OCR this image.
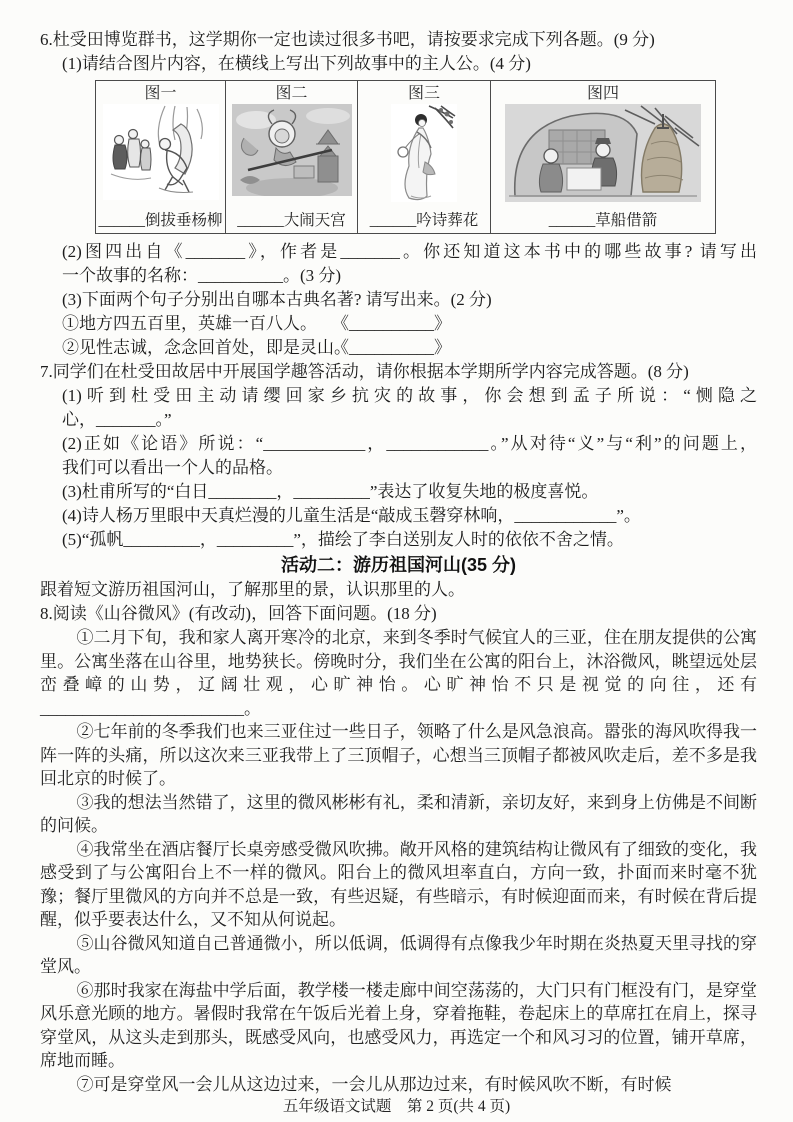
6.杜受田博览群书，这学期你一定也读过很多书吧，请按要求完成下列各题。(9 分)

(1)请结合图片内容，在横线上写出下列故事中的主人公。(4 分)

图一
______倒拔垂杨柳

图二
______大闹天宫

图三
______吟诗葬花

图四
______草船借箭

(2)图四出自《_______》，作者是_______。你还知道这本书中的哪些故事? 请写出

一个故事的名称：__________。(3 分)

(3)下面两个句子分别出自哪本古典名著? 请写出来。(2 分)

①地方四五百里，英雄一百八人。 《__________》

②见性志诚，念念回首处，即是灵山。
《__________》

7.同学们在杜受田故居中开展国学趣答活动，请你根据本学期所学内容完成答题。(8 分)

(1)听到杜受田主动请缨回家乡抗灾的故事，你会想到孟子所说：“恻隐之

心，_______。”

(2)正如《论语》所说：“____________，____________。”从对待“义”与“利”的问题上，

我们可以看出一个人的品格。

(3)杜甫所写的“白日________，_________”表达了收复失地的极度喜悦。

(4)诗人杨万里眼中天真烂漫的儿童生活是“敲成玉磬穿林响，____________”。

(5)“孤帆_________，_________”，描绘了李白送别友人时的依依不舍之情。

活动二：游历祖国河山(35 分)

跟着短文游历祖国河山，了解那里的景，认识那里的人。

8.阅读《山谷微风》(有改动)，回答下面问题。(18 分)

①二月下旬，我和家人离开寒冷的北京，来到冬季时气候宜人的三亚，住在朋友提供的公寓里。公寓坐落在山谷里，地势狭长。傍晚时分，我们坐在公寓的阳台上，沐浴微风，眺望远处层峦叠嶂的山势，辽阔壮观，心旷神怡。心旷神怡不只是视觉的向往，还有________________________。

②七年前的冬季我们也来三亚住过一些日子，领略了什么是风急浪高。嚣张的海风吹得我一阵一阵的头痛，所以这次来三亚我带上了三顶帽子，心想当三顶帽子都被风吹走后，差不多是我回北京的时候了。

③我的想法当然错了，这里的微风彬彬有礼，柔和清新，亲切友好，来到身上仿佛是不间断的问候。

④我常坐在酒店餐厅长桌旁感受微风吹拂。敞开风格的建筑结构让微风有了细致的变化，我感受到了与公寓阳台上不一样的微风。阳台上的微风坦率直白，方向一致，扑面而来时毫不犹豫；餐厅里微风的方向并不总是一致，有些迟疑，有些暗示，有时候迎面而来，有时候在背后提醒，似乎要表达什么，又不知从何说起。

⑤山谷微风知道自己普通微小，所以低调，低调得有点像我少年时期在炎热夏天里寻找的穿堂风。

⑥那时我家在海盐中学后面，教学楼一楼走廊中间空荡荡的，大门只有门框没有门，是穿堂风乐意光顾的地方。暑假时我常在午饭后光着上身，穿着拖鞋，卷起床上的草席扛在肩上，探寻穿堂风，从这头走到那头，既感受风向，也感受风力，再选定一个和风习习的位置，铺开草席，席地而睡。

⑦可是穿堂风一会儿从这边过来，一会儿从那边过来，有时候风吹不断，有时候

五年级语文试题　第 2 页(共 4 页)
